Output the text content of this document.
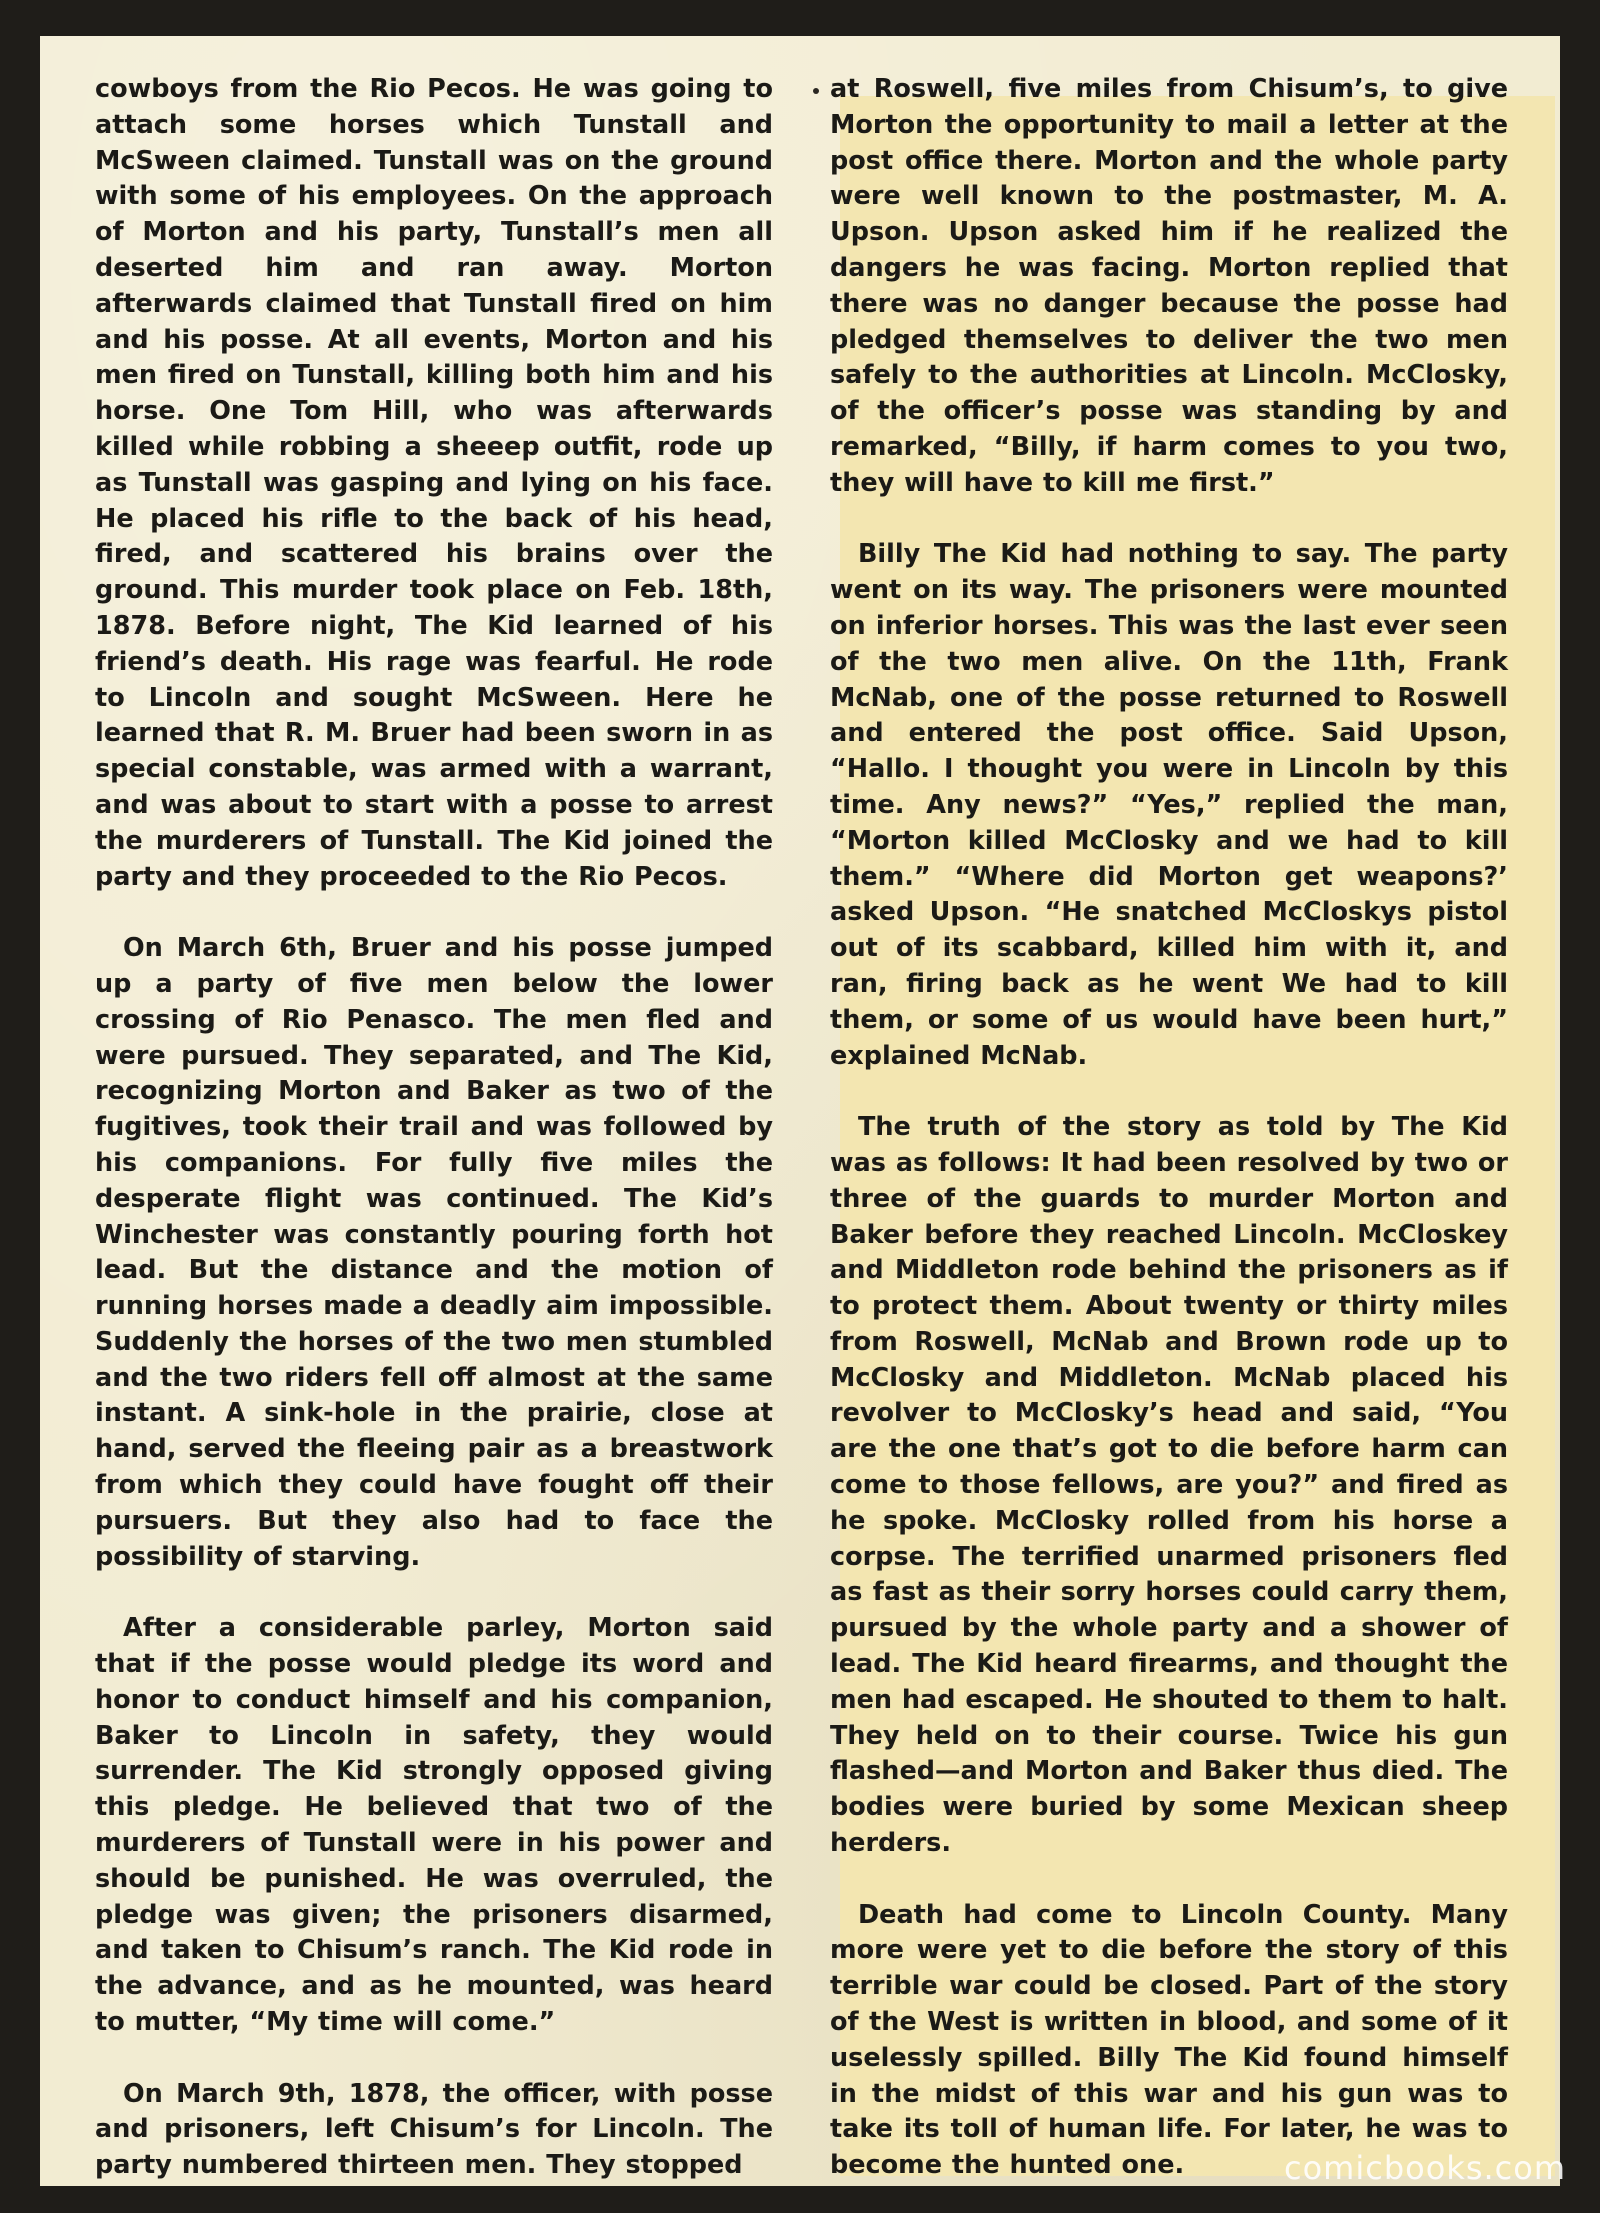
cowboys from the Rio Pecos. He was going to attach some horses which Tunstall and McSween claimed. Tunstall was on the ground with some of his employees. On the approach of Morton and his party, Tunstall’s men all deserted him and ran away. Morton afterwards claimed that Tunstall fired on him and his posse. At all events, Morton and his men fired on Tunstall, killing both him and his horse. One Tom Hill, who was afterwards killed while robbing a sheeep outfit, rode up as Tunstall was gasping and lying on his face. He placed his rifle to the back of his head, fired, and scattered his brains over the ground. This murder took place on Feb. 18th, 1878. Before night, The Kid learned of his friend’s death. His rage was fearful. He rode to Lincoln and sought McSween. Here he learned that R. M. Bruer had been sworn in as special constable, was armed with a warrant, and was about to start with a posse to arrest the murderers of Tunstall. The Kid joined the party and they proceeded to the Rio Pecos.

On March 6th, Bruer and his posse jumped up a party of five men below the lower crossing of Rio Penasco. The men fled and were pursued. They separated, and The Kid, recognizing Morton and Baker as two of the fugitives, took their trail and was followed by his companions. For fully five miles the desperate flight was continued. The Kid’s Winchester was constantly pouring forth hot lead. But the distance and the motion of running horses made a deadly aim impossible. Suddenly the horses of the two men stumbled and the two riders fell off almost at the same instant. A sink-hole in the prairie, close at hand, served the fleeing pair as a breastwork from which they could have fought off their pursuers. But they also had to face the possibility of starving.

After a considerable parley, Morton said that if the posse would pledge its word and honor to conduct himself and his companion, Baker to Lincoln in safety, they would surrender. The Kid strongly opposed giving this pledge. He believed that two of the murderers of Tunstall were in his power and should be punished. He was overruled, the pledge was given; the prisoners disarmed, and taken to Chisum’s ranch. The Kid rode in the advance, and as he mounted, was heard to mutter, “My time will come.”

On March 9th, 1878, the officer, with posse and prisoners, left Chisum’s for Lincoln. The party numbered thirteen men. They stopped

at Roswell, five miles from Chisum’s, to give Morton the opportunity to mail a letter at the post office there. Morton and the whole party were well known to the postmaster, M. A. Upson. Upson asked him if he realized the dangers he was facing. Morton replied that there was no danger because the posse had pledged themselves to deliver the two men safely to the authorities at Lincoln. McClosky, of the officer’s posse was standing by and remarked, “Billy, if harm comes to you two, they will have to kill me first.”

Billy The Kid had nothing to say. The party went on its way. The prisoners were mounted on inferior horses. This was the last ever seen of the two men alive. On the 11th, Frank McNab, one of the posse returned to Roswell and entered the post office. Said Upson, “Hallo. I thought you were in Lincoln by this time. Any news?” “Yes,” replied the man, “Morton killed McClosky and we had to kill them.” “Where did Morton get weapons?’ asked Upson. “He snatched McCloskys pistol out of its scabbard, killed him with it, and ran, firing back as he went We had to kill them, or some of us would have been hurt,” explained McNab.

The truth of the story as told by The Kid was as follows: It had been resolved by two or three of the guards to murder Morton and Baker before they reached Lincoln. McCloskey and Middleton rode behind the prisoners as if to protect them. About twenty or thirty miles from Roswell, McNab and Brown rode up to McClosky and Middleton. McNab placed his revolver to McClosky’s head and said, “You are the one that’s got to die before harm can come to those fellows, are you?” and fired as he spoke. McClosky rolled from his horse a corpse. The terrified unarmed prisoners fled as fast as their sorry horses could carry them, pursued by the whole party and a shower of lead. The Kid heard firearms, and thought the men had escaped. He shouted to them to halt. They held on to their course. Twice his gun flashed—and Morton and Baker thus died. The bodies were buried by some Mexican sheep herders.

Death had come to Lincoln County. Many more were yet to die before the story of this terrible war could be closed. Part of the story of the West is written in blood, and some of it uselessly spilled. Billy The Kid found himself in the midst of this war and his gun was to take its toll of human life. For later, he was to become the hunted one.	comicbooks.com
